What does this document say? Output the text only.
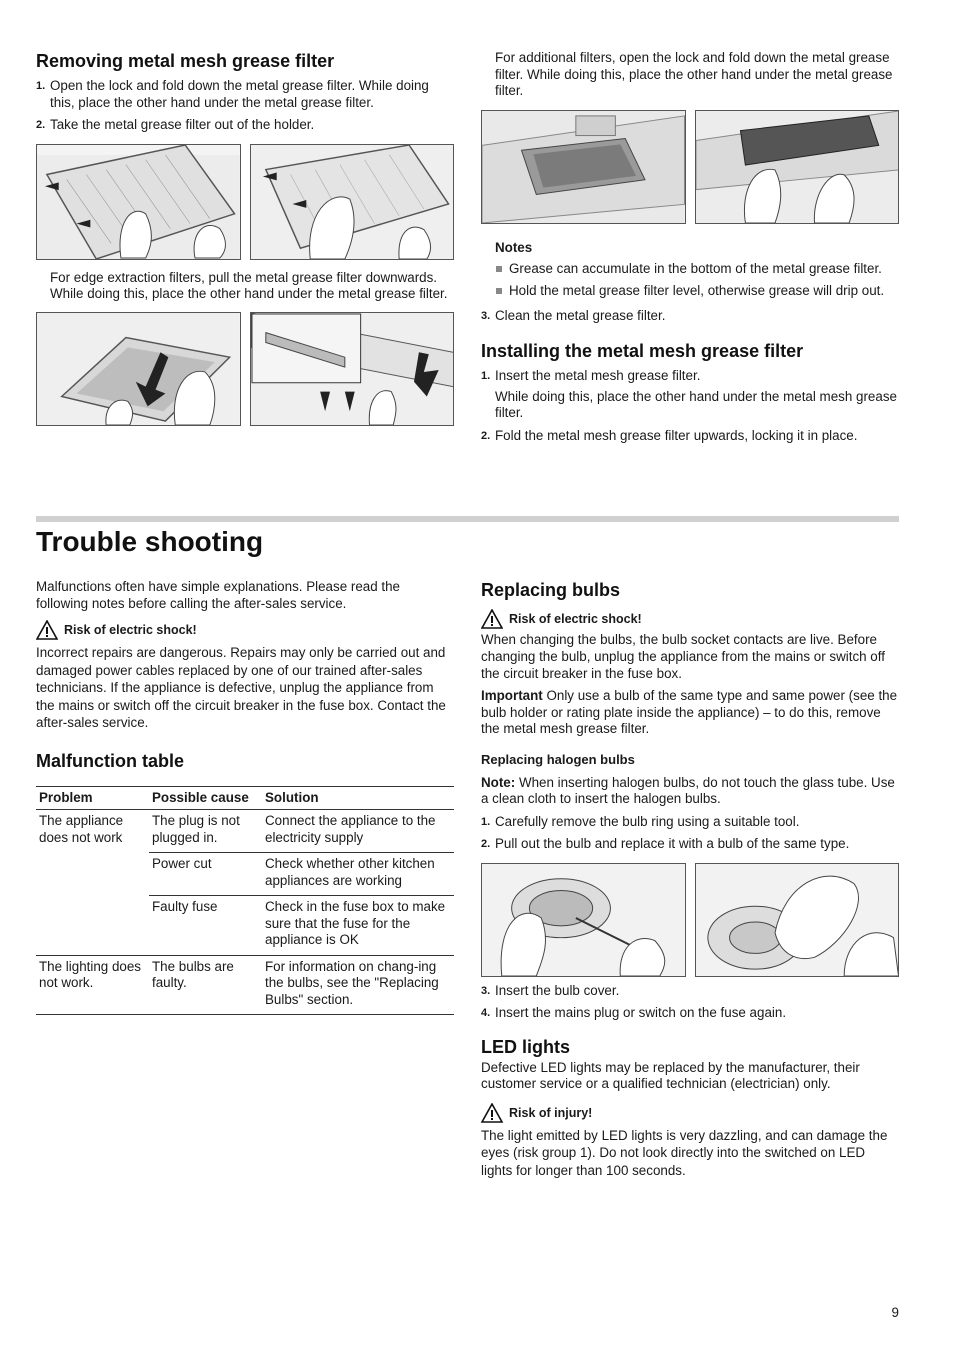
Removing metal mesh grease filter
1. Open the lock and fold down the metal grease filter. While doing this, place the other hand under the metal grease filter.
2. Take the metal grease filter out of the holder.

For edge extraction filters, pull the metal grease filter downwards. While doing this, place the other hand under the metal grease filter.

For additional filters, open the lock and fold down the metal grease filter. While doing this, place the other hand under the metal grease filter.

Notes
Grease can accumulate in the bottom of the metal grease filter.
Hold the metal grease filter level, otherwise grease will drip out.
3. Clean the metal grease filter.
Installing the metal mesh grease filter
1. Insert the metal mesh grease filter.

While doing this, place the other hand under the metal mesh grease filter.

2. Fold the metal mesh grease filter upwards, locking it in place.
Trouble shooting

Malfunctions often have simple explanations. Please read the following notes before calling the after-sales service.

Risk of electric shock!

Incorrect repairs are dangerous. Repairs may only be carried out and damaged power cables replaced by one of our trained after-sales technicians. If the appliance is defective, unplug the appliance from the mains or switch off the circuit breaker in the fuse box. Contact the after-sales service.

Malfunction table
Problem	Possible cause	Solution
The appliance does not work	The plug is not plugged in.	Connect the appliance to the electricity supply
	Power cut	Check whether other kitchen appliances are working
	Faulty fuse	Check in the fuse box to make sure that the fuse for the appliance is OK
The lighting does not work.	The bulbs are faulty.	For information on chang-ing the bulbs, see the "Replacing Bulbs" section.
Replacing bulbs
Risk of electric shock!

When changing the bulbs, the bulb socket contacts are live. Before changing the bulb, unplug the appliance from the mains or switch off the circuit breaker in the fuse box.

Important Only use a bulb of the same type and same power (see the bulb holder or rating plate inside the appliance) – to do this, remove the metal mesh grease filter.

Replacing halogen bulbs

Note: When inserting halogen bulbs, do not touch the glass tube. Use a clean cloth to insert the halogen bulbs.

1. Carefully remove the bulb ring using a suitable tool.
2. Pull out the bulb and replace it with a bulb of the same type.
3. Insert the bulb cover.
4. Insert the mains plug or switch on the fuse again.
LED lights

Defective LED lights may be replaced by the manufacturer, their customer service or a qualified technician (electrician) only.

Risk of injury!

The light emitted by LED lights is very dazzling, and can damage the eyes (risk group 1). Do not look directly into the switched on LED lights for longer than 100 seconds.

9
